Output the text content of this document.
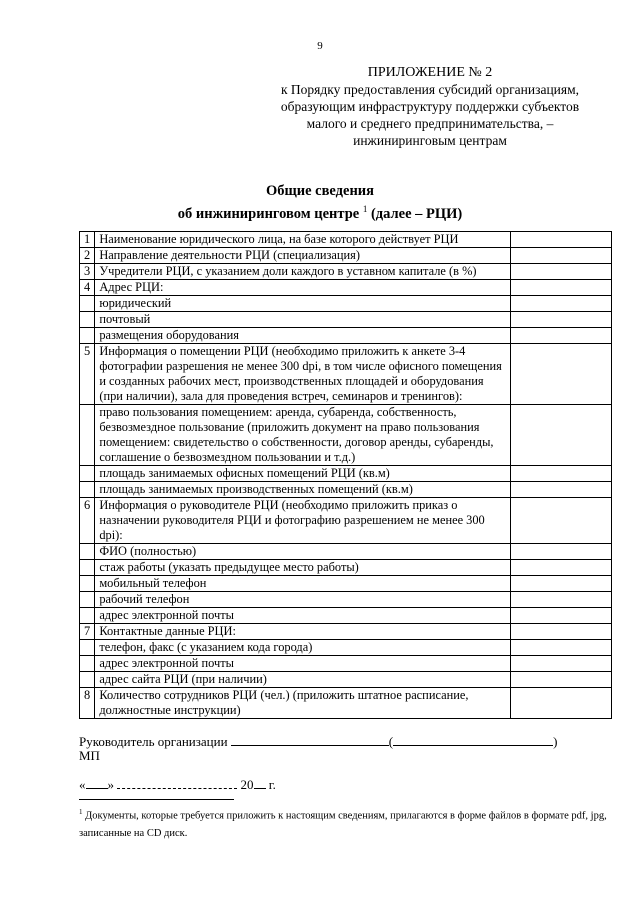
9
ПРИЛОЖЕНИЕ № 2
к Порядку предоставления субсидий организациям,
образующим инфраструктуру поддержки субъектов
малого и среднего предпринимательства, –
инжиниринговым центрам
Общие сведения
об инжиниринговом центре $^1$ (далее – РЦИ)
1	Наименование юридического лица, на базе которого действует РЦИ	
2	Направление деятельности РЦИ (специализация)	
3	Учредители РЦИ, с указанием доли каждого в уставном капитале (в %)	
4	Адрес РЦИ:	
	юридический	
	почтовый	
	размещения оборудования	
5	Информация о помещении РЦИ (необходимо приложить к анкете 3-4 фотографии разрешения не менее 300 dpi, в том числе офисного помещения и созданных рабочих мест, производственных площадей и оборудования (при наличии), зала для проведения встреч, семинаров и тренингов):	
	право пользования помещением: аренда, субаренда, собственность, безвозмездное пользование (приложить документ на право пользования помещением: свидетельство о собственности, договор аренды, субаренды, соглашение о безвозмездном пользовании и т.д.)	
	площадь занимаемых офисных помещений РЦИ (кв.м)	
	площадь занимаемых производственных помещений (кв.м)	
6	Информация о руководителе РЦИ (необходимо приложить приказ о назначении руководителя РЦИ и фотографию разрешением не менее 300 dpi):	
	ФИО (полностью)	
	стаж работы (указать предыдущее место работы)	
	мобильный телефон	
	рабочий телефон	
	адрес электронной почты	
7	Контактные данные РЦИ:	
	телефон, факс (с указанием кода города)	
	адрес электронной почты	
	адрес сайта РЦИ (при наличии)	
8	Количество сотрудников РЦИ (чел.) (приложить штатное расписание, должностные инструкции)	
Руководитель организации	(	)
МП
« »	20 г.
$^1$ Документы, которые требуется приложить к настоящим сведениям, прилагаются в форме файлов в формате pdf, jpg, записанные на CD диск.
